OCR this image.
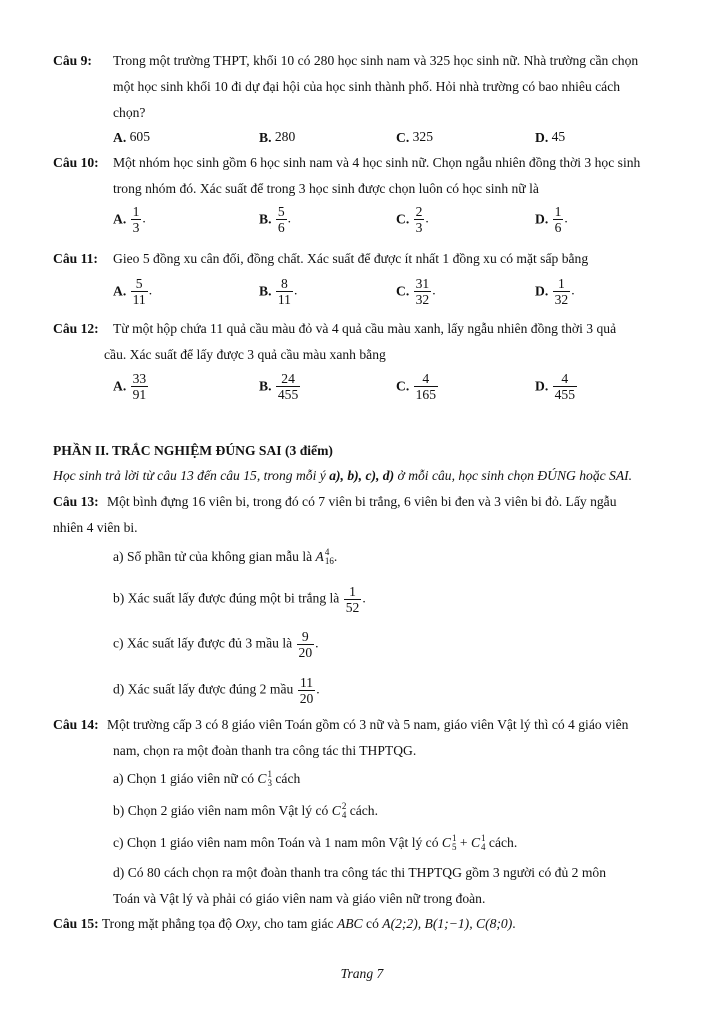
Câu 9: Trong một trường THPT, khối 10 có 280 học sinh nam và 325 học sinh nữ. Nhà trường cần chọn
một học sinh khối 10 đi dự đại hội của học sinh thành phố. Hỏi nhà trường có bao nhiêu cách
chọn?
A. 605	B. 280	C. 325	D. 45
Câu 10: Một nhóm học sinh gồm 6 học sinh nam và 4 học sinh nữ. Chọn ngẫu nhiên đồng thời 3 học sinh
trong nhóm đó. Xác suất để trong 3 học sinh được chọn luôn có học sinh nữ là
A. $\frac{1}{3}$ .	B. $\frac{5}{6}$ .	C. $\frac{2}{3}$ .	D. $\frac{1}{6}$ .
Câu 11: Gieo 5 đồng xu cân đối, đồng chất. Xác suất để được ít nhất 1 đồng xu có mặt sấp bằng
A. $\frac{5}{11}$ .	B. $\frac{8}{11}$ .	C. $\frac{31}{32}$ .	D. $\frac{1}{32}$ .
Câu 12: Từ một hộp chứa 11 quả cầu màu đỏ và 4 quả cầu màu xanh, lấy ngẫu nhiên đồng thời 3 quả
cầu. Xác suất để lấy được 3 quả cầu màu xanh bằng
A. $\frac{33}{91}$	B. $\frac{24}{455}$	C. $\frac{4}{165}$	D. $\frac{4}{455}$
PHẦN II. TRẮC NGHIỆM ĐÚNG SAI (3 điểm)
Học sinh trả lời từ câu 13 đến câu 15, trong mỗi ý a), b), c), d) ở mỗi câu, học sinh chọn ĐÚNG hoặc SAI.
Câu 13: Một bình đựng 16 viên bi, trong đó có 7 viên bi trắng, 6 viên bi đen và 3 viên bi đỏ. Lấy ngẫu
nhiên 4 viên bi.
a) Số phần tử của không gian mẫu là A 4
16 .
b) Xác suất lấy được đúng một bi trắng là $\frac{1}{52}$ .
c) Xác suất lấy được đủ 3 mầu là $\frac{9}{20}$ .
d) Xác suất lấy được đúng 2 mầu $\frac{11}{20}$ .
Câu 14: Một trường cấp 3 có 8 giáo viên Toán gồm có 3 nữ và 5 nam, giáo viên Vật lý thì có 4 giáo viên
nam, chọn ra một đoàn thanh tra công tác thi THPTQG.
a) Chọn 1 giáo viên nữ có C 1
3 cách
b) Chọn 2 giáo viên nam môn Vật lý có C 2
4 cách.
c) Chọn 1 giáo viên nam môn Toán và 1 nam môn Vật lý có C 1
5 + C 1
4 cách.
d) Có 80 cách chọn ra một đoàn thanh tra công tác thi THPTQG gồm 3 người có đủ 2 môn
Toán và Vật lý và phải có giáo viên nam và giáo viên nữ trong đoàn.
Câu 15: Trong mặt phẳng tọa độ Oxy, cho tam giác ABC có A(2;2), B(1;−1), C(8;0).
Trang 7
